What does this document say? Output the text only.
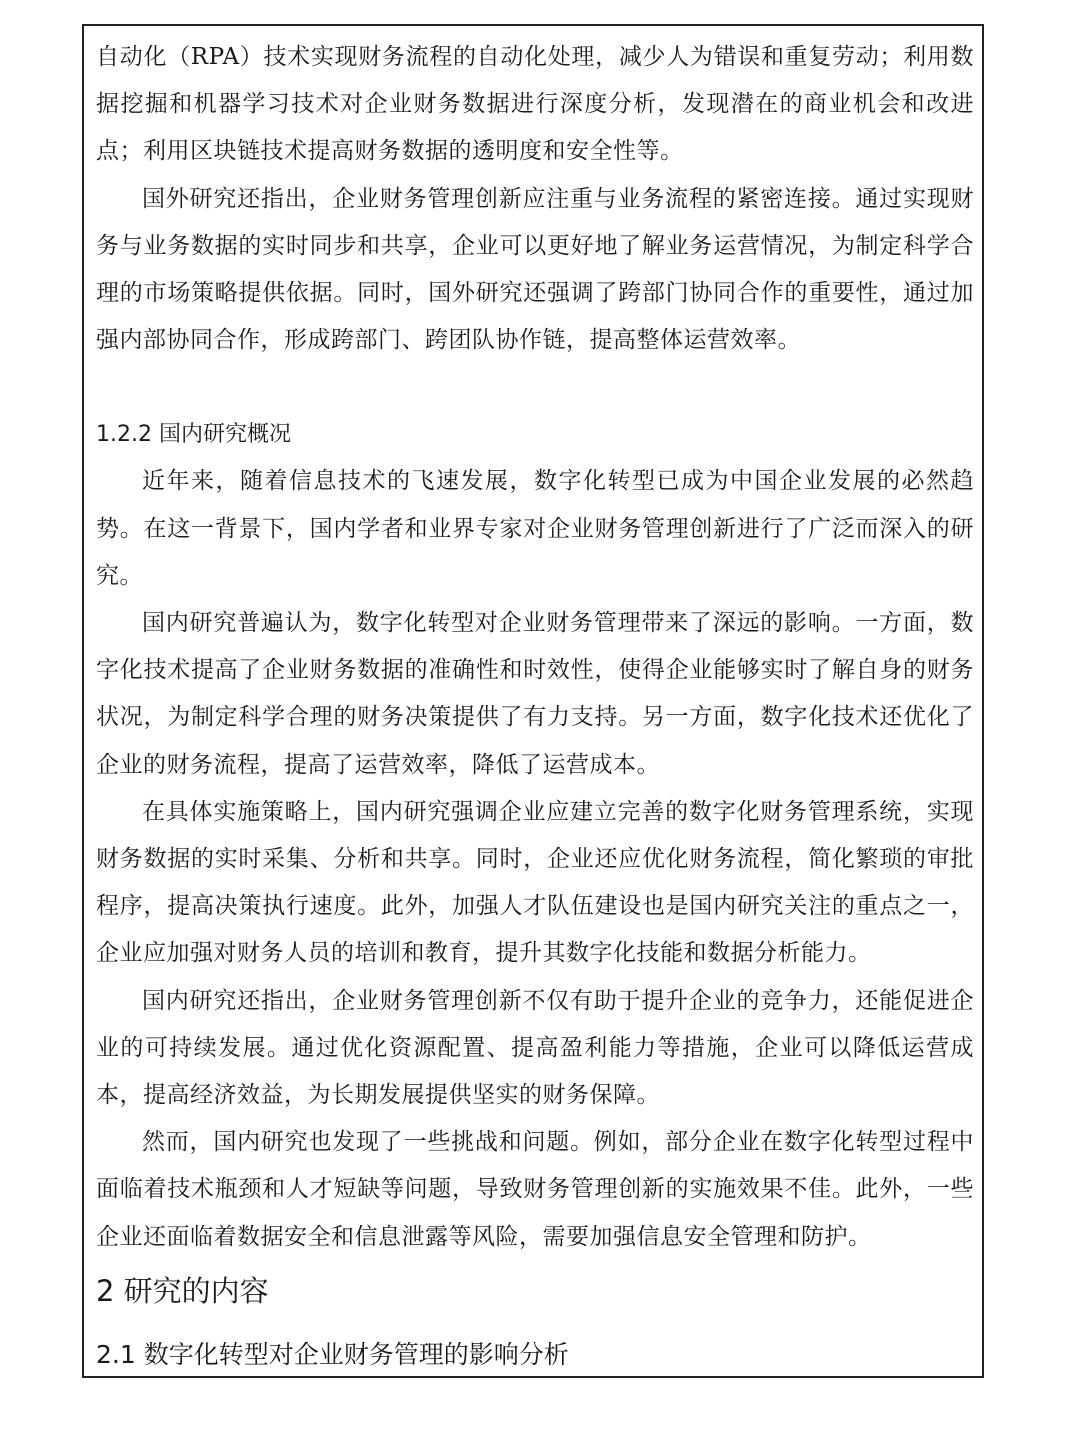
自动化（RPA）技术实现财务流程的自动化处理，减少人为错误和重复劳动；利用数据挖掘和机器学习技术对企业财务数据进行深度分析，发现潜在的商业机会和改进点；利用区块链技术提高财务数据的透明度和安全性等。

国外研究还指出，企业财务管理创新应注重与业务流程的紧密连接。通过实现财务与业务数据的实时同步和共享，企业可以更好地了解业务运营情况，为制定科学合理的市场策略提供依据。同时，国外研究还强调了跨部门协同合作的重要性，通过加强内部协同合作，形成跨部门、跨团队协作链，提高整体运营效率。

1.2.2 国内研究概况

近年来，随着信息技术的飞速发展，数字化转型已成为中国企业发展的必然趋势。在这一背景下，国内学者和业界专家对企业财务管理创新进行了广泛而深入的研究。

国内研究普遍认为，数字化转型对企业财务管理带来了深远的影响。一方面，数字化技术提高了企业财务数据的准确性和时效性，使得企业能够实时了解自身的财务状况，为制定科学合理的财务决策提供了有力支持。另一方面，数字化技术还优化了企业的财务流程，提高了运营效率，降低了运营成本。

在具体实施策略上，国内研究强调企业应建立完善的数字化财务管理系统，实现财务数据的实时采集、分析和共享。同时，企业还应优化财务流程，简化繁琐的审批程序，提高决策执行速度。此外，加强人才队伍建设也是国内研究关注的重点之一，企业应加强对财务人员的培训和教育，提升其数字化技能和数据分析能力。

国内研究还指出，企业财务管理创新不仅有助于提升企业的竞争力，还能促进企业的可持续发展。通过优化资源配置、提高盈利能力等措施，企业可以降低运营成本，提高经济效益，为长期发展提供坚实的财务保障。

然而，国内研究也发现了一些挑战和问题。例如，部分企业在数字化转型过程中面临着技术瓶颈和人才短缺等问题，导致财务管理创新的实施效果不佳。此外，一些企业还面临着数据安全和信息泄露等风险，需要加强信息安全管理和防护。

2 研究的内容
2.1 数字化转型对企业财务管理的影响分析
